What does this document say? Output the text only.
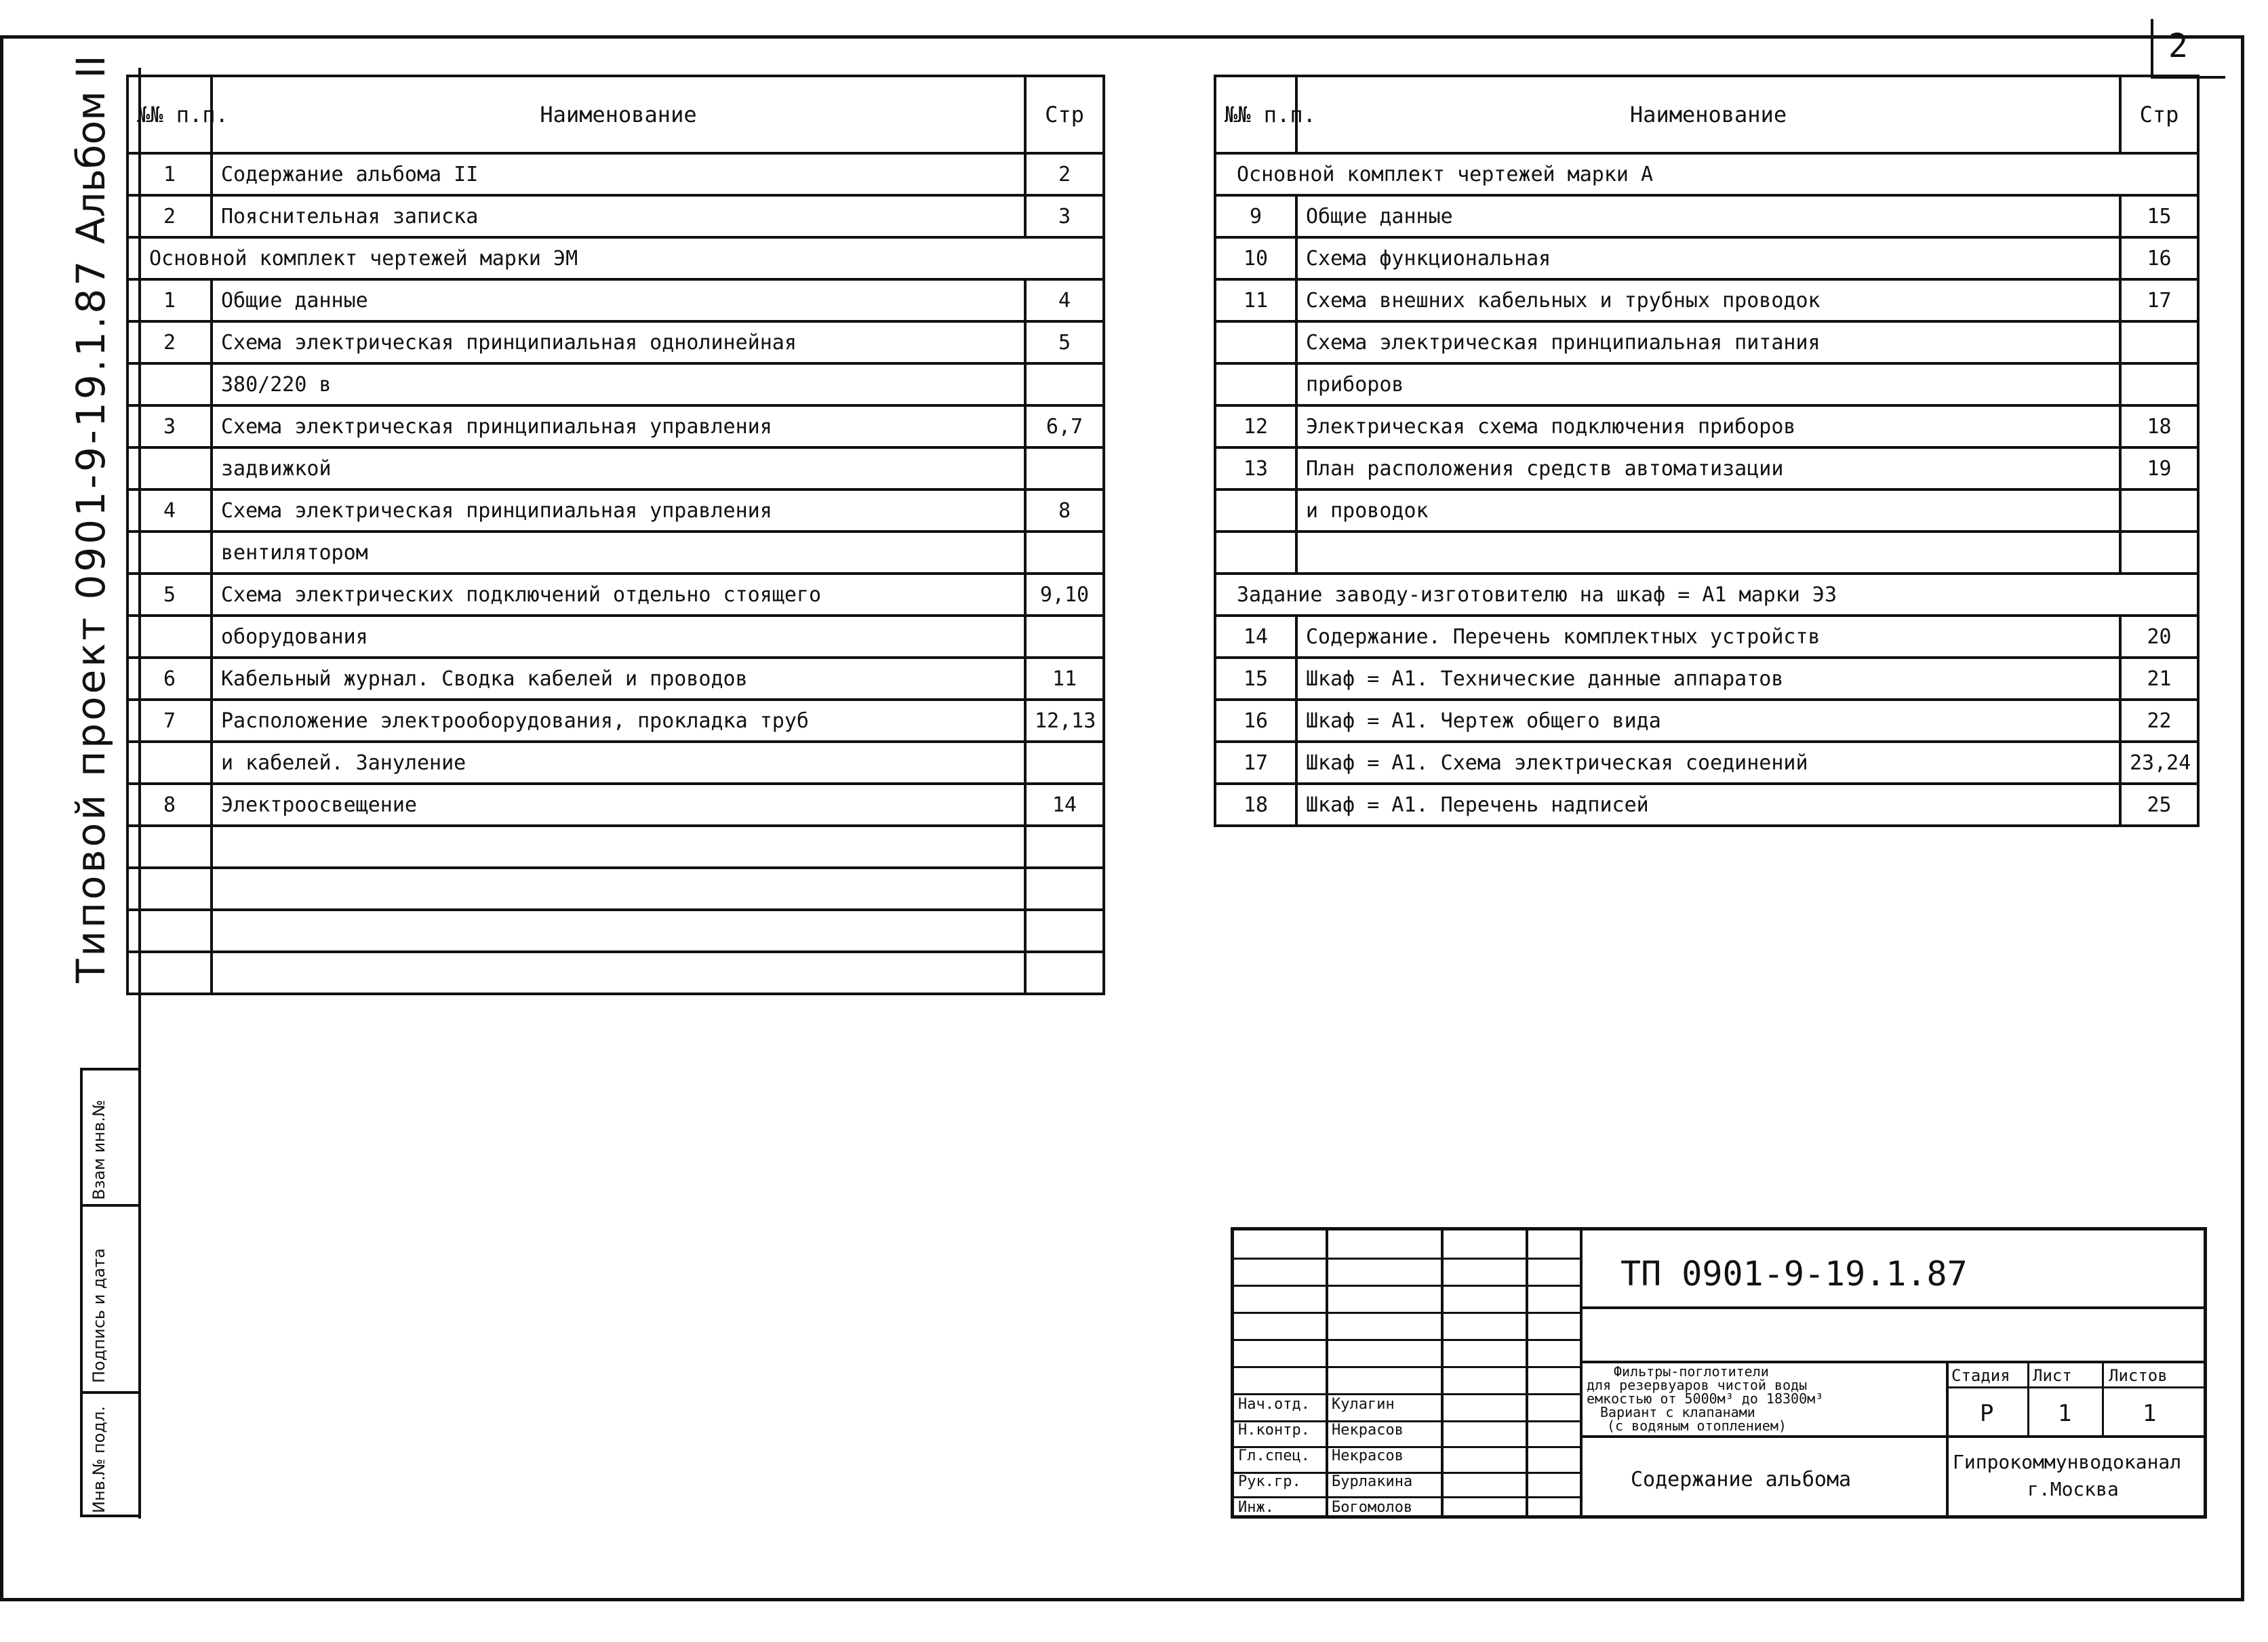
2
Альбом ІІ
Типовой проект 0901-9-19.1.87
Взам инв.№
Подпись и дата
Инв.№ подл.
№№ п.п.	Наименование	Стр
1	Содержание альбома ІІ	2
2	Пояснительная записка	3
Основной комплект чертежей марки ЭМ		
1	Общие данные	4
2	Схема электрическая принципиальная однолинейная	5
	380/220 в	
3	Схема электрическая принципиальная управления	6,7
	задвижкой	
4	Схема электрическая принципиальная управления	8
	вентилятором	
5	Схема электрических подключений отдельно стоящего	9,10
	оборудования	
6	Кабельный журнал. Сводка кабелей и проводов	11
7	Расположение электрооборудования, прокладка труб	12,13
	и кабелей. Зануление	
8	Электроосвещение	14

№№ п.п.	Наименование	Стр
Основной комплект чертежей марки А		
9	Общие данные	15
10	Схема функциональная	16
11	Схема внешних кабельных и трубных проводок	17
	Схема электрическая принципиальная питания	
	приборов	
12	Электрическая схема подключения приборов	18
13	План расположения средств автоматизации	19
	и проводок	

Задание заводу-изготовителю на шкаф = А1 марки ЭЗ		
14	Содержание. Перечень комплектных устройств	20
15	Шкаф = А1. Технические данные аппаратов	21
16	Шкаф = А1. Чертеж общего вида	22
17	Шкаф = А1. Схема электрическая соединений	23,24
18	Шкаф = А1. Перечень надписей	25
ТП 0901-9-19.1.87
Фильтры-поглотители
для резервуаров чистой воды
емкостью от 5000м³ до 18300м³
Вариант с клапанами
(с водяным отоплением)
Содержание альбома
Стадия Лист Листов
Р	1	1
Гипрокоммунводоканал
г.Москва
Нач.отд. Кулагин
Н.контр. Некрасов
Гл.спец. Некрасов
Рук.гр. Бурлакина
Инж.	Богомолов
